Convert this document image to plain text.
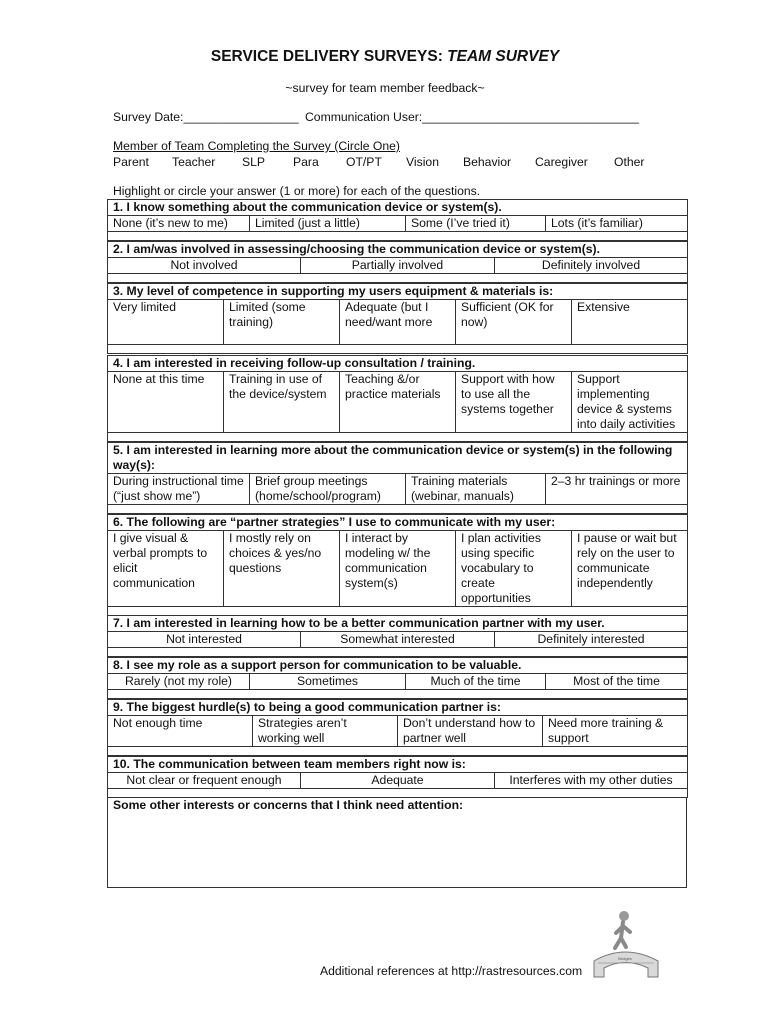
SERVICE DELIVERY SURVEYS: TEAM SURVEY
~survey for team member feedback~
Survey Date:_________________ Communication User:________________________________
Member of Team Completing the Survey (Circle One)
Parent Teacher SLP Para OT/PT Vision Behavior Caregiver Other
Highlight or circle your answer (1 or more) for each of the questions.
1. I know something about the communication device or system(s).
None (it’s new to me)	Limited (just a little)	Some (I’ve tried it)	Lots (it’s familiar)

2. I am/was involved in assessing/choosing the communication device or system(s).
Not involved	Partially involved	Definitely involved

3. My level of competence in supporting my users equipment & materials is:
Very limited	Limited (some training)	Adequate (but I need/want more	Sufficient (OK for now)	Extensive

4. I am interested in receiving follow-up consultation / training.
None at this time	Training in use of the device/system	Teaching &/or practice materials	Support with how to use all the systems together	Support implementing device & systems into daily activities

5. I am interested in learning more about the communication device or system(s) in the following way(s):
During instructional time (“just show me”)	Brief group meetings (home/school/program)	Training materials (webinar, manuals)	2–3 hr trainings or more

6. The following are “partner strategies” I use to communicate with my user:
I give visual & verbal prompts to elicit communication	I mostly rely on choices & yes/no questions	I interact by modeling w/ the communication system(s)	I plan activities using specific vocabulary to create opportunities	I pause or wait but rely on the user to communicate independently

7. I am interested in learning how to be a better communication partner with my user.
Not interested	Somewhat interested	Definitely interested

8. I see my role as a support person for communication to be valuable.
Rarely (not my role)	Sometimes	Much of the time	Most of the time

9. The biggest hurdle(s) to being a good communication partner is:
Not enough time	Strategies aren’t working well	Don’t understand how to partner well	Need more training & support

10. The communication between team members right now is:
Not clear or frequent enough	Adequate	Interferes with my other duties

Some other interests or concerns that I think need attention:
Additional references at http://rastresources.com
Bridges
